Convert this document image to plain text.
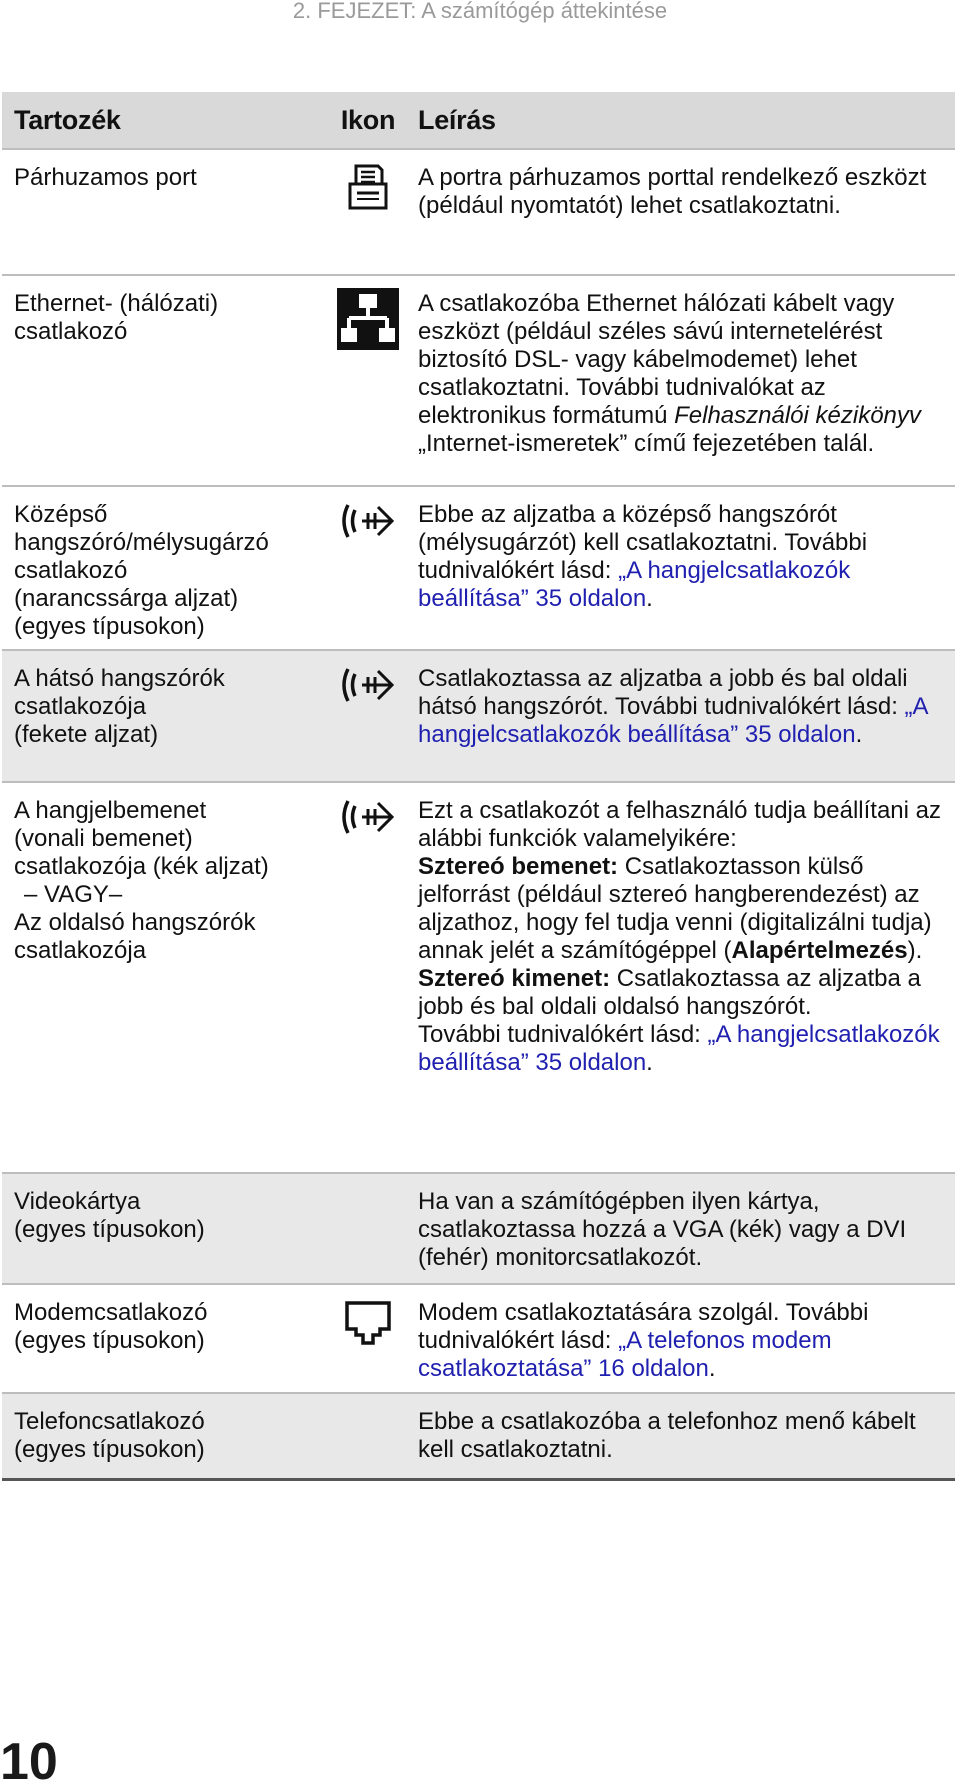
2. FEJEZET: A számítógép áttekintése
Tartozék	Ikon Leírás
Párhuzamos port	A portra párhuzamos porttal rendelkező eszközt (például nyomtatót) lehet csatlakoztatni.
Ethernet- (hálózati) csatlakozó
A csatlakozóba Ethernet hálózati kábelt vagy eszközt (például széles sávú internetelérést biztosító DSL- vagy kábelmodemet) lehet csatlakoztatni. További tudnivalókat az elektronikus formátumú Felhasználói kézikönyv „Internet-ismeretek” című fejezetében talál.
Középső
hangszóró/mélysugárzó
csatlakozó
(narancssárga aljzat)
(egyes típusokon)
Ebbe az aljzatba a középső hangszórót (mélysugárzót) kell csatlakoztatni. További tudnivalókért lásd: „A hangjelcsatlakozók beállítása” 35 oldalon.
A hátsó hangszórók
csatlakozója
(fekete aljzat)
Csatlakoztassa az aljzatba a jobb és bal oldali hátsó hangszórót. További tudnivalókért lásd: „A hangjelcsatlakozók beállítása” 35 oldalon.
A hangjelbemenet
(vonali bemenet)
csatlakozója (kék aljzat)
– VAGY–
Az oldalsó hangszórók
csatlakozója
Ezt a csatlakozót a felhasználó tudja beállítani az alábbi funkciók valamelyikére:
Sztereó bemenet: Csatlakoztasson külső jelforrást (például sztereó hangberendezést) az aljzathoz, hogy fel tudja venni (digitalizálni tudja) annak jelét a számítógéppel (Alapértelmezés).
Sztereó kimenet: Csatlakoztassa az aljzatba a jobb és bal oldali oldalsó hangszórót.
További tudnivalókért lásd: „A hangjelcsatlakozók beállítása” 35 oldalon.
Videokártya
(egyes típusokon)
Ha van a számítógépben ilyen kártya, csatlakoztassa hozzá a VGA (kék) vagy a DVI (fehér) monitorcsatlakozót.
Modemcsatlakozó
(egyes típusokon)
Modem csatlakoztatására szolgál. További tudnivalókért lásd: „A telefonos modem csatlakoztatása” 16 oldalon.
Telefoncsatlakozó
(egyes típusokon)
Ebbe a csatlakozóba a telefonhoz menő kábelt kell csatlakoztatni.
10
